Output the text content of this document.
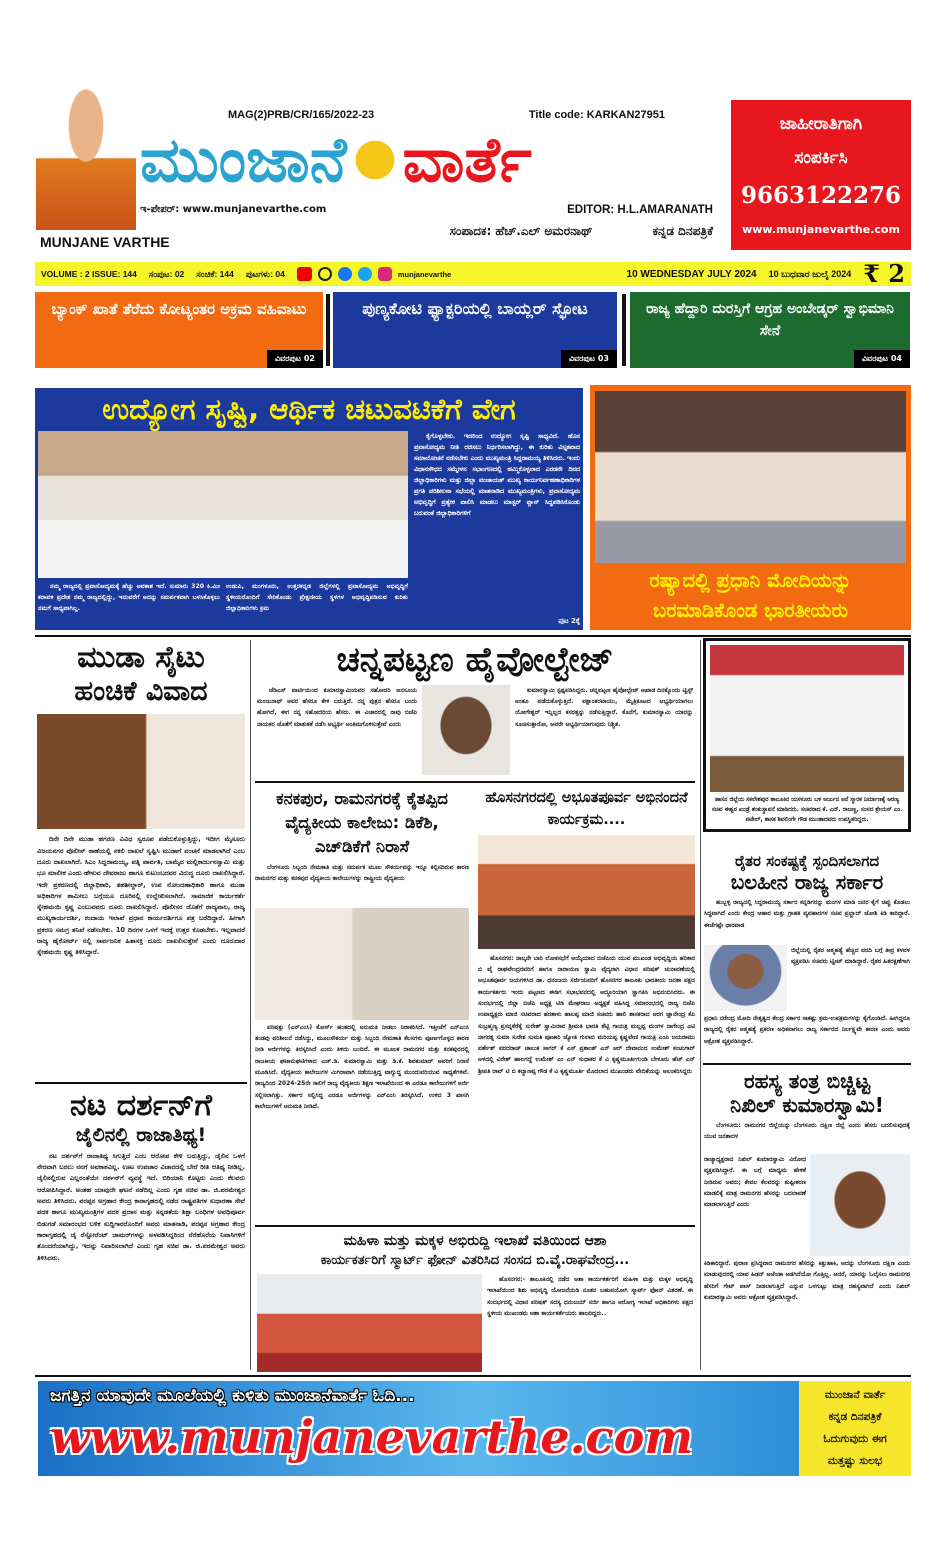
MUNJANE VARTHE
MAG(2)PRB/CR/165/2022-23	Title code: KARKAN27951
ಮುಂಜಾನೆ ವಾರ್ತೆ
ಇ-ಪೇಪರ್: www.munjanevarthe.com	EDITOR: H.L.AMARANATH
ಸಂಪಾದಕ: ಹೆಚ್.ಎಲ್ ಅಮರನಾಥ್	ಕನ್ನಡ ದಿನಪತ್ರಿಕೆ
ಜಾಹೀರಾತಿಗಾಗಿ
ಸಂಪರ್ಕಿಸಿ
9663122276
www.munjanevarthe.com
VOLUME : 2 ISSUE: 144 ಸಂಪುಟ: 02 ಸಂಚಿಕೆ: 144 ಪುಟಗಳು: 04	munjanevarthe	10 WEDNESDAY JULY 2024 10 ಬುಧವಾರ ಜುಲೈ 2024 ₹ 2
ಬ್ಯಾಂಕ್ ಖಾತೆ ತೆರೆದು ಕೋಟ್ಯಂತರ ಅಕ್ರಮ ವಹಿವಾಟು
ವಿವರಪುಟ 02
ಪುಣ್ಯಕೋಟಿ ಫ್ಯಾಕ್ಟರಿಯಲ್ಲಿ ಬಾಯ್ಲರ್ ಸ್ಫೋಟ
ವಿವರಪುಟ 03
ರಾಜ್ಯ ಹೆದ್ದಾರಿ ದುರಸ್ತಿಗೆ ಆಗ್ರಹ ಅಂಬೇಡ್ಕರ್ ಸ್ವಾಭಿಮಾನಿ ಸೇನೆ
ವಿವರಪುಟ 04
ಉದ್ಯೋಗ ಸೃಷ್ಟಿ, ಆರ್ಥಿಕ ಚಟುವಟಿಕೆಗೆ ವೇಗ
ನಮ್ಮ ರಾಜ್ಯದಲ್ಲಿ ಪ್ರವಾಸೋದ್ಯಮಕ್ಕೆ ಹೆಚ್ಚು ಅವಕಾಶ ಇದೆ. ಸುಮಾರು 320 ಕಿ.ಮೀ ಕರಾವಳಿ ಪ್ರದೇಶ ನಮ್ಮ ರಾಜ್ಯದಲ್ಲಿದ್ದು, ಇದುವರೆಗೆ ಅದನ್ನು ಸಮರ್ಪಕವಾಗಿ ಬಳಸಿಕೊಳ್ಳಲು ನಮಗೆ ಸಾಧ್ಯವಾಗಿಲ್ಲ.
ಉಡುಪಿ, ಮಂಗಳೂರು, ಉತ್ತರಕನ್ನಡ ಜಿಲ್ಲೆಗಳಲ್ಲಿ ಪ್ರವಾಸೋದ್ಯಮ ಅಭಿವೃದ್ಧಿಗೆ ಸ್ಥಳೀಯರೊಂದಿಗೆ ಸೇರಿಕೊಂಡು ಪ್ರೇಕ್ಷಣೀಯ ಸ್ಥಳಗಳ ಅಭಿವೃದ್ಧಿಪಡಿಸುವ ಕುರಿತು ಜಿಲ್ಲಾಧಿಕಾರಿಗಳು ಕ್ರಮ
ಕೈಗೊಳ್ಳಬೇಕು. ಇದರಿಂದ ಉದ್ಯೋಗ ಸೃಷ್ಟಿ ಸಾಧ್ಯವಿದೆ. ಹೊಸ ಪ್ರವಾಸೋದ್ಯಮ ನೀತಿ ರಚಿಸಲು ನಿರ್ಧರಿಸಲಾಗಿದ್ದು, ಈ ಕುರಿತು ವಿಸ್ತೃತವಾದ ಸಮಾಲೋಚನೆ ನಡೆಸಬೇಕು ಎಂದು ಮುಖ್ಯಮಂತ್ರಿ ಸಿದ್ದರಾಮಯ್ಯ ತಿಳಿಸಿದರು. ಇಂದು ವಿಧಾನಸೌಧದ ಸಮ್ಮೇಳನ ಸಭಾಂಗಣದಲ್ಲಿ ಹಮ್ಮಿಕೊಳ್ಳಲಾದ ಎರಡನೇ ದಿನದ ಜಿಲ್ಲಾಧಿಕಾರಿಗಳು ಮತ್ತು ಜಿಲ್ಲಾ ಪಂಚಾಯತ್ ಮುಖ್ಯ ಕಾರ್ಯನಿರ್ವಹಣಾಧಿಕಾರಿಗಳ ಪ್ರಗತಿ ಪರಿಶೀಲನಾ ಸಭೆಯಲ್ಲಿ ಮಾತನಾಡಿದ ಮುಖ್ಯಮಂತ್ರಿಗಳು, ಪ್ರವಾಸೋದ್ಯಮ ಅಭಿವೃದ್ಧಿಗೆ ಪ್ರತ್ಯೇಕ ಪಾಲಿಸಿ ಮಾಡಲು ಮಾಸ್ಟರ್ ಪ್ಲಾನ್ ಸಿದ್ಧಪಡಿಸಿಕೊಂಡು ಬರುವಂತೆ ಜಿಲ್ಲಾಧಿಕಾರಿಗಳಿಗೆ
ಪುಟ 2ಕ್ಕೆ
ರಷ್ಯಾದಲ್ಲಿ ಪ್ರಧಾನಿ ಮೋದಿಯನ್ನು ಬರಮಾಡಿಕೊಂಡ ಭಾರತೀಯರು
ಮುಡಾ ಸೈಟು
ಹಂಚಿಕೆ ವಿವಾದ
ದಿನೇ ದಿನೇ ಮುಡಾ ಹಗರಣ ವಿವಿಧ ಸ್ವರೂಪ ಪಡೆದುಕೊಳ್ಳುತ್ತಿದ್ದು, ಇದೀಗ ಮೈಸೂರು ವಿಜಯನಗರ ಪೊಲೀಸ್ ಠಾಣೆಯಲ್ಲಿ ನಕಲಿ ದಾಖಲೆ ಸೃಷ್ಟಿಸಿ ಮುಡಾಗೆ ವಂಚನೆ ಮಾಡಲಾಗಿದೆ ಎಂಬ ದೂರು ದಾಖಲಾಗಿದೆ. ಸಿಎಂ ಸಿದ್ದರಾಮಯ್ಯ, ಪತ್ನಿ ಪಾರ್ವತಿ, ಬಾಮೈದ ಮಲ್ಲಿಕಾರ್ಜುನಸ್ವಾಮಿ ಮತ್ತು ಭೂ ಮಾಲೀಕ ಎಂದು ಹೇಳುವ ದೇವರಾಜು ಹಾಗೂ ಕುಟುಂಬದವರ ವಿರುದ್ಧ ದೂರು ದಾಖಲಿಸಿದ್ದಾರೆ. ಇದೇ ಪ್ರಕರಣದಲ್ಲಿ ಜಿಲ್ಲಾಧಿಕಾರಿ, ತಹಶೀಲ್ದಾರ್, ಉಪ ನೋಂದಣಾಧಿಕಾರಿ ಹಾಗೂ ಮುಡಾ ಅಧಿಕಾರಿಗಳ ಶಾಮೀಲು ಬಗ್ಗೆಯೂ ದೂರಿನಲ್ಲಿ ಉಲ್ಲೇಖಿಸಲಾಗಿದೆ. ಸಾಮಾಜಿಕ ಕಾರ್ಯಕರ್ತೆ ಸ್ನೇಹಮಯಿ ಕೃಷ್ಣ ಎಂಬುವವರು ದೂರು ದಾಖಲಿಸಿದ್ದಾರೆ. ಪೊಲೀಸರ ಜೊತೆಗೆ ರಾಜ್ಯಪಾಲ, ರಾಜ್ಯ ಮುಖ್ಯಕಾರ್ಯದರ್ಶಿ, ಕಂದಾಯ ಇಲಾಖೆ ಪ್ರಧಾನ ಕಾರ್ಯದರ್ಶಿಗೂ ಪತ್ರ ಬರೆದಿದ್ದಾರೆ. ಹೀಗಾಗಿ ಪ್ರಕರಣ ಸಮಗ್ರ ತನಿಖೆ ನಡೆಸಬೇಕು. 10 ದಿನಗಳ ಒಳಗೆ ಇದಕ್ಕೆ ಉತ್ತರ ಕೊಡಬೇಕು. ಇಲ್ಲವಾದರೆ ರಾಜ್ಯ ಹೈಕೋರ್ಟ್ ನಲ್ಲಿ ಸಾರ್ವಜನಿಕ ಹಿತಾಸಕ್ತಿ ದೂರು ದಾಖಲಿಸುತ್ತೇನೆ ಎಂದು ದೂರುದಾರ ಸ್ನೇಹಮಯಿ ಕೃಷ್ಣ ತಿಳಿಸಿದ್ದಾರೆ.
ನಟ ದರ್ಶನ್‌ಗೆ
ಜೈಲಿನಲ್ಲಿ ರಾಜಾತಿಥ್ಯ!
ನಟ ದರ್ಶನ್‌ಗೆ ರಾಜಾತಿಥ್ಯ ಸಿಗುತ್ತಿದೆ ಎಂಬ ಆರೋಪ ಕೇಳಿ ಬರುತ್ತಿದ್ದು, ಜೈಲಿನ ಒಳಗೆ ನೇರವಾಗಿ ಬರಲು ನನಗೆ ಅವಕಾಶವಿಲ್ಲ. ಊಟ ಉಪಚಾರ ವಿಚಾರದಲ್ಲಿ ಬೇರೆ ರೀತಿ ಆತಿಥ್ಯ ನೀಡಿಲ್ಲ. ಜೈಲಿನಲ್ಲಿರುವ ಎಲ್ಲರಂತೆಯೇ ದರ್ಶನ್‌ಗೆ ವ್ಯವಸ್ಥೆ ಇದೆ. ಬಿರಿಯಾನಿ ಕೊಟ್ಟರು ಎಂದು ಕೆಲವರು ಆರೋಪಿಸಿದ್ದಾರೆ. ಅಂತಹ ಯಾವುದೇ ಘಟನೆ ನಡೆದಿಲ್ಲ ಎಂದು ಗೃಹ ಸಚಿವ ಡಾ. ಜಿ.ಪರಮೇಶ್ವರ ಅವರು ತಿಳಿಸಿದರು. ಪರಪ್ಪನ ಅಗ್ರಹಾರ ಕೇಂದ್ರ ಕಾರಾಗೃಹದಲ್ಲಿ ನಡೆದ ರಾಷ್ಟ್ರಪತಿಗಳ ಸುಧಾರಣಾ ಸೇವೆ ಪದಕ ಹಾಗೂ ಮುಖ್ಯಮಂತ್ರಿಗಳ ಪದಕ ಪ್ರದಾನ ಮತ್ತು ಸನ್ನಡತೆಯ ಶಿಕ್ಷಾ ಬಂಧಿಗಳ ಅವಧಿಪೂರ್ವ ಬಿಡುಗಡೆ ಸಮಾರಂಭದ ಬಳಿಕ ಸುದ್ದಿಗಾರರೊಂದಿಗೆ ಅವರು ಮಾತನಾಡಿ, ಪರಪ್ಪನ ಅಗ್ರಹಾರ ಕೇಂದ್ರ ಕಾರಾಗೃಹದಲ್ಲಿ ಜೈ ರೆಸ್ಟೋರೆಂಟ್ ಜಾಮರ್‌ಗಳನ್ನು ಅಳವಡಿಸಿದ್ದರಿಂದ ನೆರೆಹೊರೆಯ ನಿವಾಸಿಗಳಿಗೆ ತೊಂದರೆಯಾಗಿದ್ದು, ಇದನ್ನು ನಿವಾರಿಸಲಾಗಿದೆ ಎಂದು ಗೃಹ ಸಚಿವ ಡಾ. ಜಿ.ಪರಮೇಶ್ವರ ಅವರು ತಿಳಿಸಿದರು.
ಚನ್ನಪಟ್ಟಣ ಹೈವೋಲ್ಟೇಜ್
ಜೆಡಿಎಸ್ ಪಾರ್ಟಿಯಿಂದ ಕುಮಾರಸ್ವಾಮಿಯವರ ಸಹೋದರಿ ಅನಸೂಯ ಮಂಜುನಾಥ್ ಅವರ ಹೆಸರೂ ಕೇಳಿ ಬರುತ್ತಿದೆ. ನನ್ನ ಪುತ್ರನ ಹೆಸರೂ ಬಂದು ಹೋಗಿದೆ, ಈಗ ನನ್ನ ಸಹೋದರಿಯ ಹೆಸರು. ಈ ವಿಚಾರದಲ್ಲಿ ನಾವು ಬಿಜೆಪಿ ನಾಯಕರ ಜೊತೆಗೆ ಮಾತುಕತೆ ನಡೆಸಿ ಅಭ್ಯರ್ಥಿ ಅಂತಿಮಗೊಳಿಸುತ್ತೇವೆ ಎಂದು
ಕುಮಾರಸ್ವಾಮಿ ಸ್ಪಷ್ಟಪಡಿಸಿದ್ದರು. ಚನ್ನಪಟ್ಟಣ ಹೈವೋಲ್ಟೇಜ್ ಆಖಾಡ ದಿನಕ್ಕೊಂದು ಟ್ವಿಸ್ಟ್ ಅಂತೂ ಪಡೆದುಕೊಳ್ಳುತ್ತಿದೆ. ಪಕ್ಷಾಂತರವಾಯು, ಮೈತ್ರಿಕೂಟದ ಅಭ್ಯರ್ಥಿಯಾಗಲು ಯೋಗೇಶ್ವರ್ ಇನ್ನಿಲ್ಲದ ಕಸರತ್ತನ್ನು ನಡೆಸುತ್ತಿದ್ದಾರೆ. ಕೊನೆಗೆ, ಕುಮಾರಸ್ವಾಮಿ ಯಾರನ್ನು ಸೂಚಿಸುತ್ತಾರೋ, ಅವರೇ ಅಭ್ಯರ್ಥಿಯಾಗುವುದು ನಿಶ್ಚಿತ.
ಕನಕಪುರ, ರಾಮನಗರಕ್ಕೆ ಕೈತಪ್ಪಿದ ವೈದ್ಯಕೀಯ ಕಾಲೇಜು: ಡಿಕೆಶಿ, ಎಚ್‌ಡಿಕೆಗೆ ನಿರಾಸೆ
ಬೆಂಗಳೂರು ಸಿಬ್ಬಂದಿ ನೇಮಕಾತಿ ಮತ್ತು ಸಮರ್ಪಕ ಮೂಲ ಸೌಕರ್ಯವನ್ನು ಇನ್ನೂ ಕಲ್ಪಿಸದಿರುವ ಕಾರಣ ರಾಮನಗರ ಮತ್ತು ಕನಕಪುರ ವೈದ್ಯಕೀಯ ಕಾಲೇಜುಗಳನ್ನು ರಾಷ್ಟ್ರೀಯ ವೈದ್ಯಕೀಯ
ಪರಿಷತ್ತು (ಎನ್‌ಎಂಸಿ) ಕೋರ್ಸ್ ಹಂತದಲ್ಲಿ ಅನುಮತಿ ನೀಡಲು ನಿರಾಕರಿಸಿದೆ. ಇತ್ತೀಚೆಗೆ ಎನ್‌ಎಂಸಿ ತಂಡವು ಪರಿಶೀಲನೆ ನಡೆಸಿದ್ದು, ಮೂಲಸೌಕರ್ಯ ಮತ್ತು ಸಿಬ್ಬಂದಿ ನೇಮಕಾತಿ ಕೆಲಸಗಳು ಪೂರ್ಣಗೊಳ್ಳದ ಕಾರಣ ನೀಡಿ ಅರ್ಜಿಗಳನ್ನು ತಿರಸ್ಕರಿಸಿದೆ ಎಂದು ತಿಳಿದು ಬಂದಿದೆ. ಈ ಮೂಲಕ ರಾಮನಗರ ಮತ್ತು ಕನಕಪುರದಲ್ಲಿ ರಾಜಕೀಯ ಘಟಾನುಘಟಿಗಳಾದ ಎಚ್.ಡಿ. ಕುಮಾರಸ್ವಾಮಿ ಮತ್ತು ಡಿ.ಕೆ. ಶಿವಕುಮಾರ್ ಅವರಿಗೆ ನಿರಾಸೆ ಮೂಡಿಸಿದೆ. ವೈದ್ಯಕೀಯ ಕಾಲೇಜುಗಳ ಮಿಗಿರಾವಾಗಿ ನಡೆಯುತ್ತಿದ್ದ ವಾಗ್ಯುದ್ಧ ಮುಂದುವರಿಯುವ ಸಾಧ್ಯತೆಗಳಿವೆ. ರಾಜ್ಯದಿಂದ 2024-25ನೇ ಸಾಲಿಗೆ ರಾಜ್ಯ ವೈದ್ಯಕೀಯ ಶಿಕ್ಷಣ ಇಲಾಖೆಯಿಂದ ಈ ಎರಡೂ ಕಾಲೇಜುಗಳಿಗೆ ಅರ್ಜಿ ಸಲ್ಲಿಸಲಾಗಿತ್ತು. ಸರ್ಕಾರ ಸಲ್ಲಿಸಿದ್ದ ಎರಡೂ ಅರ್ಜಿಗಳನ್ನು ಎನ್‌ಎಂಸಿ ತಿರಸ್ಕರಿಸಿದೆ. ಉಳಿದ 3 ಖಾಸಗಿ ಕಾಲೇಜುಗಳಿಗೆ ಅನುಮತಿ ನೀಡಿದೆ.
ಹೊಸನಗರದಲ್ಲಿ ಅಭೂತಪೂರ್ವ ಅಭಿನಂದನೆ ಕಾರ್ಯಕ್ರಮ....
ಹೊಸನಗರ: ನಾಲ್ಕನೇ ಬಾರಿ ಲೋಕಸಭೆಗೆ ಆಯ್ಕೆಯಾದ ಬಿಜೆಪಿಯ ಯುವ ಮುಖಂಡ ಅಭಿವೃದ್ಧಿಯ ಹರಿಕಾರ ಬಿ ವೈ ರಾಘವೇಂದ್ರರವರಿಗೆ ಹಾಗೂ ನಾರಾಯಣ ಸ್ವಾಮಿ ವೈದ್ಯರಾಗಿ ವಿಧಾನ ಪರಿಷತ್ ಚುನಾವಣೆಯಲ್ಲಿ ಅಭೂತಪೂರ್ವ ಜಯಗಳಿಸಿದ ಡಾ. ಧನಂಜಯ ಸರ್ಜಿಯವರಿಗೆ ಹೊಸನಗರ ತಾಲೂಕು ಭಾರತೀಯ ಜನತಾ ಪಕ್ಷದ ಕಾರ್ಯಕರ್ತರು ಇಂದು ಪಟ್ಟಣದ ಈಡಿಗ ಸಭಾಭವನದಲ್ಲಿ ಅದ್ದೂರಿಯಾಗಿ ಸ್ವಾಗತಿಸಿ ಅಭಿನಂದಿಸಿದರು. ಈ ಸಂದರ್ಭದಲ್ಲಿ ಜಿಲ್ಲಾ ಬಿಜೆಪಿ ಅಧ್ಯಕ್ಷ ಟಿಡಿ ಮೇಘರಾಜ ಅಧ್ಯಕ್ಷತೆ ವಹಿಸಿದ್ದ ಸಮಾರಂಭದಲ್ಲಿ ರಾಜ್ಯ ಬಿಜೆಪಿ ಉಪಾಧ್ಯಕ್ಷರು ಮಾಜಿ ಸಚಿವರಾದ ಹರತಾಳು ಹಾಲಪ್ಪ ಮಾಜಿ ಸಚಿವರು ಹಾಲಿ ಶಾಸಕರಾದ ಆರಗ ಜ್ಞಾನೇಂದ್ರ ಕೆಪಿ ಸುಬ್ರಹ್ಮಣ್ಯ ಪ್ರಸನ್ನಕೆರೆಕೈ ಸುರೇಶ್ ಸ್ವಾಮಿರಾವ ಶ್ರೀಮತಿ ಭಾರತಿ ಶೆಟ್ಟಿ ಗಾಯತ್ರಿ ಮಲ್ಲಪ್ಪ ಮಂಗಳ ನಾಗೇಂದ್ರ ಎಟಿ ನಾಗರತ್ನ ಸುಮಾ ಸುರೇಶ ಸುಮತಿ ಪೂಜಾರಿ ಜ್ಯೋತಿ ಗುಲಾಬಿ ಮರಿಯಪ್ಪ ಕೃಷ್ಣವೇಣಿ ಗಾಯತ್ರಿ ಎಂಪಿ ಜಯರಾಮು ವರ್ತೇಶ್ ವರದರಾಜ್ ಚಾಲುಕ ಸಾಗರ್ ಕೆ ಎಸ್ ಪ್ರಶಾಂತ್ ಎನ್ ಆರ್ ದೇವಾನಂದ ಉಮೇಶ್ ಕಂಚುಗಾರ್ ಆಳದಲ್ಲಿ ವಿರೇಶ್ ಹಾಲಗದ್ದೆ ಉಮೇಶ್ ಎಂ ಎನ್ ಸುಧಾಕರ ಕೆ ವಿ ಕೃಷ್ಣಮೂರ್ತಿಗುಂಡಿ ಬೇಳೂರು ಹೆಚ್ ಎನ್ ಶ್ರೀಪತಿ ರಾವ್ ಟಿ ಬಿ ಕಲ್ಯಾಣಪ್ಪ ಗೌಡ ಕೆ ವಿ ಕೃಷ್ಣಮೂರ್ತಿ ಮೊದಲಾದ ಮುಖಂಡರು ವೇದಿಕೆಯನ್ನು ಅಲಂಕರಿಸಿದ್ದರು
ಮಹಿಳಾ ಮತ್ತು ಮಕ್ಕಳ ಅಭಿರುದ್ದಿ ಇಲಾಖೆ ವತಿಯಿಂದ ಆಶಾ
ಕಾರ್ಯಕರ್ತರಿಗೆ ಸ್ಮಾರ್ಟ್ ಫೋನ್ ವಿತರಿಸಿದ ಸಂಸದ ಬಿ.ವೈ.ರಾಘವೇಂದ್ರ...
ಹೊಸನಗರ:- ತಾಲೂಕಿನಲ್ಲಿ ನಡೆದ ಆಶಾ ಕಾರ್ಯಕರ್ತರಿಗೆ ಮಹಿಳಾ ಮತ್ತು ಮಕ್ಕಳ ಅಭಿವೃದ್ಧಿ ಇಲಾಖೆಯಿಂದ ಶಿಶು ಅಭಿವೃದ್ಧಿ ಯೋಜನೆಯಡಿ ನೂತನ ಬಹುಪಯೋಗಿ ಸ್ಮಾರ್ಟ್ ಫೋನ್ ವಿತರಣೆ. ಈ ಸಂದರ್ಭದಲ್ಲಿ ವಿಧಾನ ಪರಿಷತ್ ಸದಸ್ಯ ಧನಂಜಯ್ ಸರ್ಜಿ ಹಾಗೂ ಆರೋಗ್ಯ ಇಲಾಖೆ ಅಧಿಕಾರಿಗಳು ಪಕ್ಷದ ಸ್ಥಳೀಯ ಮುಖಂಡರು ಆಶಾ ಕಾರ್ಯಕರ್ತೆಯರು ಹಾಜರಿದ್ದರು..
ಹಾಸನ ಜಿಲ್ಲೆಯ ಸಕಲೇಶಪುರ ತಾಲೂಕಿನ ಯಸಳೂರು ಬಳಿ ಅರ್ಜುನ ಆನೆ ಸ್ಮಾರಕ ನಿರ್ಮಾಣಕ್ಕೆ ಅರಣ್ಯ ಸಚಿವ ಈಶ್ವರ ಖಂಡ್ರೆ ಶಂಕುಸ್ಥಾಪನೆ ಮಾಡಿದರು. ಸಚಿವರಾದ ಕೆ. ಎನ್. ರಾಜಣ್ಣ, ಸಂಸದ ಶ್ರೇಯಸ್ ಎಂ. ಪಟೇಲ್, ಶಾಸಕ ಶಿವಲಿಂಗೇ ಗೌಡ ಮುಂತಾದವರು ಉಪಸ್ಥಿತರಿದ್ದರು.
ರೈತರ ಸಂಕಷ್ಟಕ್ಕೆ ಸ್ಪಂದಿಸಲಾಗದ
ಬಲಹೀನ ರಾಜ್ಯ ಸರ್ಕಾರ
ಹುಬ್ಬಳ್ಳಿ ರಾಜ್ಯದಲ್ಲಿ ಸಿದ್ದರಾಮಯ್ಯ ಸರ್ಕಾರ ಕನ್ನಡಿಗರನ್ನು ಮಂಗಳ ಮಾಡಿ ಜನರ ಕೈಗೆ ಚಿಪ್ಪು ಕೊಡಲು ಸಿದ್ಧವಾಗಿದೆ ಎಂದು ಕೇಂದ್ರ ಆಹಾರ ಮತ್ತು ಗ್ರಾಹಕ ವ್ಯವಹಾರಗಳ ಸಚಿವ ಪ್ರಲ್ಹಾದ್ ಜೋಶಿ ಕಿಡಿ ಕಾರಿದ್ದಾರೆ. ಈಚೆಗಷ್ಟೇ ಧಾರವಾಡ
ಜಿಲ್ಲೆಯಲ್ಲಿ ರೈತರ ಆತ್ಮಹತ್ಯೆ ಹೆಚ್ಚಿದ ವರದಿ ಬಗ್ಗೆ ತೀವ್ರ ಕಳವಳ ವ್ಯಕ್ತಪಡಿಸಿ ಸಚಿವರು ಟ್ವೀಟ್ ಮಾಡಿದ್ದಾರೆ. ರೈತರ ಹಿತರಕ್ಷಣೆಗಾಗಿ
ಪ್ರಧಾನಿ ನರೇಂದ್ರ ಮೋದಿ ನೇತೃತ್ವದ ಕೇಂದ್ರ ಸರ್ಕಾರ ಸಾಕಷ್ಟು ಕ್ರಮ-ಉಪಕ್ರಮಗಳನ್ನು ಕೈಗೊಂಡಿದೆ. ಹೀಗಿದ್ದರೂ ರಾಜ್ಯದಲ್ಲಿ ರೈತರ ಆತ್ಮಹತ್ಯೆ ಪ್ರಕರಣ ಅಧಿಕವಾಗಲು ರಾಜ್ಯ ಸರ್ಕಾರದ ನಿರ್ಲಕ್ಷ್ಯವೇ ಕಾರಣ ಎಂದು ಅವರು ಆಕ್ರೋಶ ವ್ಯಕ್ತಪಡಿಸಿದ್ದಾರೆ.
ರಹಸ್ಯ ತಂತ್ರ ಬಿಚ್ಚಿಟ್ಟ
ನಿಖಿಲ್ ಕುಮಾರಸ್ವಾಮಿ!
ಬೆಂಗಳೂರು: ರಾಮನಗರ ಜಿಲ್ಲೆಯನ್ನು ಬೆಂಗಳೂರು ದಕ್ಷಿಣ ಜಿಲ್ಲೆ ಎಂದು ಹೆಸರು ಬದಲಿಸುವುದಕ್ಕೆ ಯುವ ಜನತಾದಳ
ರಾಜ್ಯಾಧ್ಯಕ್ಷರಾದ ನಿಖಿಲ್ ಕುಮಾರಸ್ವಾಮಿ ವಿರೋಧ ವ್ಯಕ್ತಪಡಿಸಿದ್ದಾರೆ. ಈ ಬಗ್ಗೆ ಮಾಧ್ಯಮ ಹೇಳಿಕೆ ನೀಡಿರುವ ಅವರು; ಕೇವಲ ಕೆಲವರನ್ನು ತುಷ್ಟೀಕರಣ ಮಾಡಲಿಕ್ಕೆ ಮಾತ್ರ ರಾಮನಗರ ಹೆಸರನ್ನು ಬದಲಾವಣೆ ಮಾಡಲಾಗುತ್ತಿದೆ ಎಂದು
ಕಿಡಿಕಾರಿದ್ದಾರೆ. ಪುರಾಣ ಪ್ರಸಿದ್ಧವಾದ ರಾಮನಗರ ಹೆಸರನ್ನು ಕಿತ್ತುಹಾಕಿ, ಅದನ್ನು ಬೆಂಗಳೂರು ದಕ್ಷಿಣ ಎಂದು ಮಾಡುವುದರಲ್ಲಿ ಯಾವ ಹಿಡನ್ ಅಜೆಂಡಾ ಅಡಗಿದೆಯೋ ಗೊತ್ತಿಲ್ಲ. ಆದರೆ, ಯಾರನ್ನು ಓಲೈಸಲು ರಾಮನಗರ ಹೆಸರಿಗೆ ಗೇಟ್ ಪಾಸ್ ನೀಡಲಾಗುತ್ತಿದೆ ಎನ್ನುವ ಒಳಗುಟ್ಟು ಮಾತ್ರ ರಹಸ್ಯವಾಗಿದೆ ಎಂದು ನಿಖಿಲ್ ಕುಮಾರಸ್ವಾಮಿ ಅವರು ಆಕ್ರೋಶ ವ್ಯಕ್ತಪಡಿಸಿದ್ದಾರೆ.
ಜಗತ್ತಿನ ಯಾವುದೇ ಮೂಲೆಯಲ್ಲಿ ಕುಳಿತು ಮುಂಜಾನೆವಾರ್ತೆ ಓದಿ...
www.munjanevarthe.com
ಮುಂಜಾನೆ ವಾರ್ತೆ
ಕನ್ನಡ ದಿನಪತ್ರಿಕೆ
ಓದುಗುವುದು ಈಗ
ಮತ್ತಷ್ಟು ಸುಲಭ
